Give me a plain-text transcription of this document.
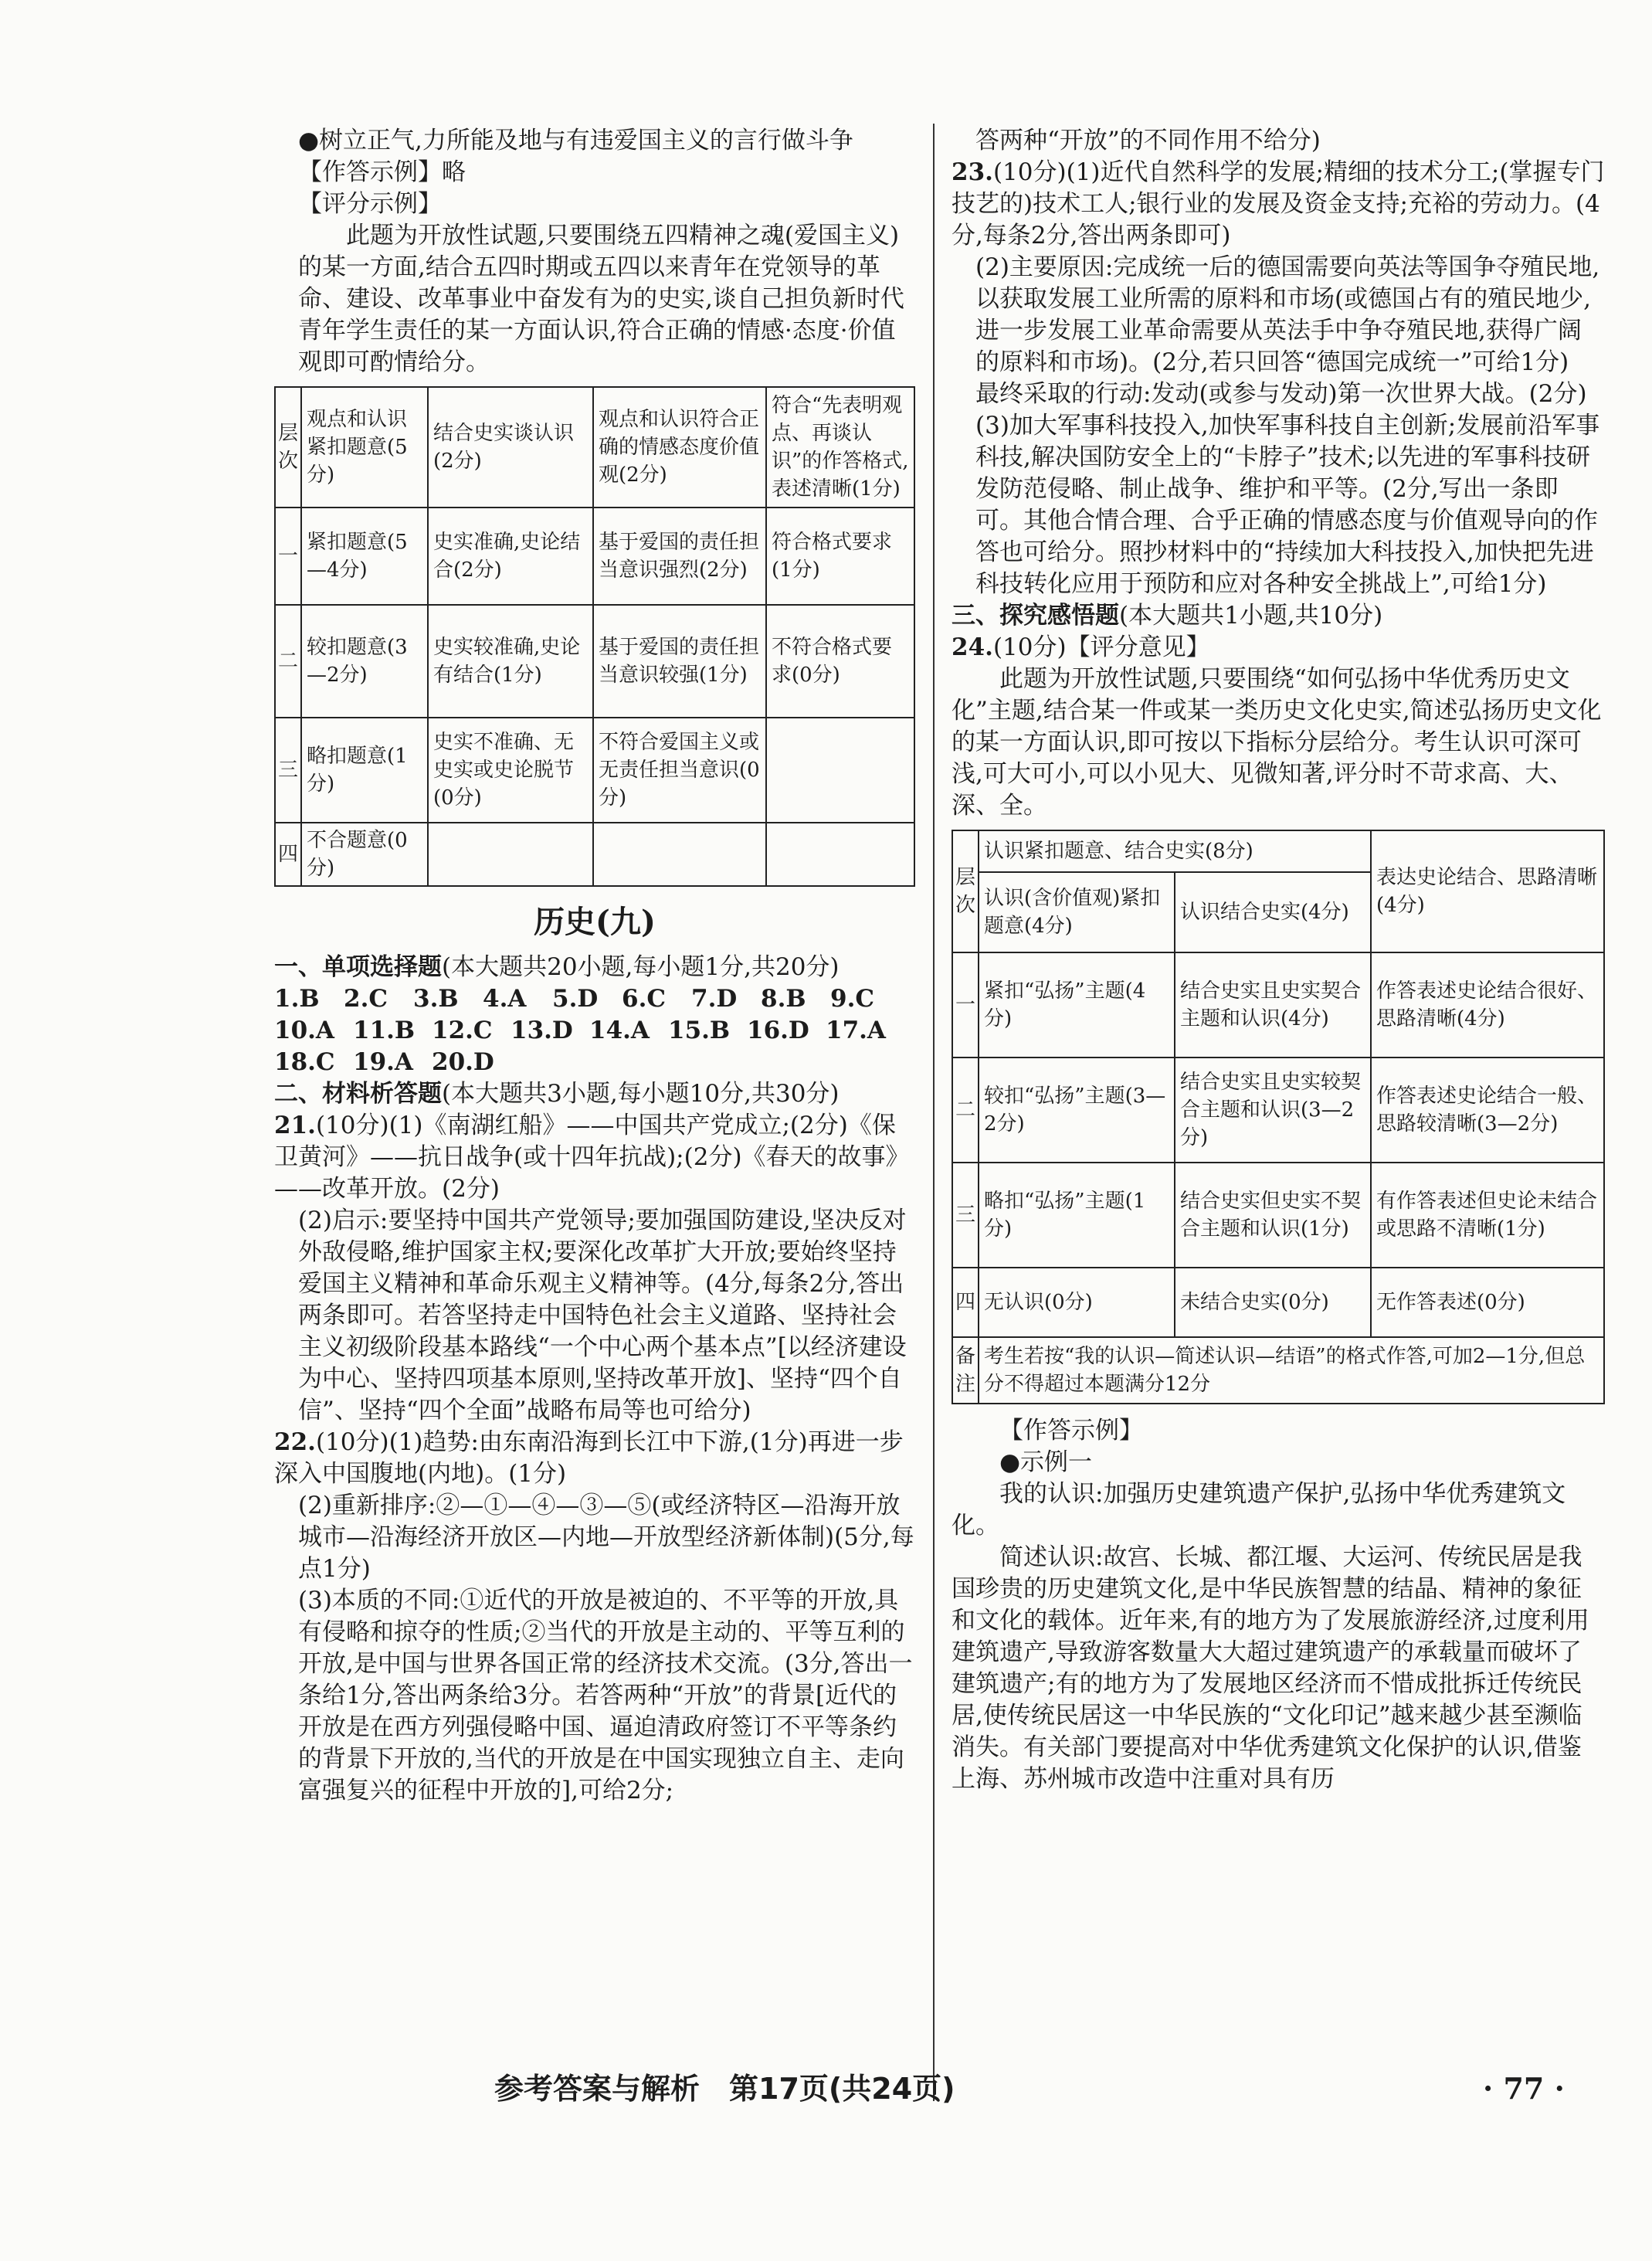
●树立正气,力所能及地与有违爱国主义的言行做斗争

【作答示例】略

【评分示例】

此题为开放性试题,只要围绕五四精神之魂(爱国主义)的某一方面,结合五四时期或五四以来青年在党领导的革命、建设、改革事业中奋发有为的史实,谈自己担负新时代青年学生责任的某一方面认识,符合正确的情感·态度·价值观即可酌情给分。

层次	观点和认识紧扣题意(5分)	结合史实谈认识(2分)	观点和认识符合正确的情感态度价值观(2分)	符合“先表明观点、再谈认识”的作答格式,表述清晰(1分)
一	紧扣题意(5—4分)	史实准确,史论结合(2分)	基于爱国的责任担当意识强烈(2分)	符合格式要求(1分)
二	较扣题意(3—2分)	史实较准确,史论有结合(1分)	基于爱国的责任担当意识较强(1分)	不符合格式要求(0分)
三	略扣题意(1分)	史实不准确、无史实或史论脱节(0分)	不符合爱国主义或无责任担当意识(0分)	
四	不合题意(0分)			
历史(九)

一、单项选择题(本大题共20小题,每小题1分,共20分)

1.B 2.C 3.B 4.A 5.D 6.C 7.D 8.B 9.C

10.A 11.B 12.C 13.D 14.A 15.B 16.D 17.A

18.C 19.A 20.D

二、材料析答题(本大题共3小题,每小题10分,共30分)

21.(10分)(1)《南湖红船》——中国共产党成立;(2分)《保卫黄河》——抗日战争(或十四年抗战);(2分)《春天的故事》——改革开放。(2分)

(2)启示:要坚持中国共产党领导;要加强国防建设,坚决反对外敌侵略,维护国家主权;要深化改革扩大开放;要始终坚持爱国主义精神和革命乐观主义精神等。(4分,每条2分,答出两条即可。若答坚持走中国特色社会主义道路、坚持社会主义初级阶段基本路线“一个中心两个基本点”[以经济建设为中心、坚持四项基本原则,坚持改革开放]、坚持“四个自信”、坚持“四个全面”战略布局等也可给分)

22.(10分)(1)趋势:由东南沿海到长江中下游,(1分)再进一步深入中国腹地(内地)。(1分)

(2)重新排序:②—①—④—③—⑤(或经济特区—沿海开放城市—沿海经济开放区—内地—开放型经济新体制)(5分,每点1分)

(3)本质的不同:①近代的开放是被迫的、不平等的开放,具有侵略和掠夺的性质;②当代的开放是主动的、平等互利的开放,是中国与世界各国正常的经济技术交流。(3分,答出一条给1分,答出两条给3分。若答两种“开放”的背景[近代的开放是在西方列强侵略中国、逼迫清政府签订不平等条约的背景下开放的,当代的开放是在中国实现独立自主、走向富强复兴的征程中开放的],可给2分;

答两种“开放”的不同作用不给分)

23.(10分)(1)近代自然科学的发展;精细的技术分工;(掌握专门技艺的)技术工人;银行业的发展及资金支持;充裕的劳动力。(4分,每条2分,答出两条即可)

(2)主要原因:完成统一后的德国需要向英法等国争夺殖民地,以获取发展工业所需的原料和市场(或德国占有的殖民地少,进一步发展工业革命需要从英法手中争夺殖民地,获得广阔的原料和市场)。(2分,若只回答“德国完成统一”可给1分)

最终采取的行动:发动(或参与发动)第一次世界大战。(2分)

(3)加大军事科技投入,加快军事科技自主创新;发展前沿军事科技,解决国防安全上的“卡脖子”技术;以先进的军事科技研发防范侵略、制止战争、维护和平等。(2分,写出一条即可。其他合情合理、合乎正确的情感态度与价值观导向的作答也可给分。照抄材料中的“持续加大科技投入,加快把先进科技转化应用于预防和应对各种安全挑战上”,可给1分)

三、探究感悟题(本大题共1小题,共10分)

24.(10分)【评分意见】

此题为开放性试题,只要围绕“如何弘扬中华优秀历史文化”主题,结合某一件或某一类历史文化史实,简述弘扬历史文化的某一方面认识,即可按以下指标分层给分。考生认识可深可浅,可大可小,可以小见大、见微知著,评分时不苛求高、大、深、全。

层次	认识紧扣题意、结合史实(8分)		表达史论结合、思路清晰(4分)
	认识(含价值观)紧扣题意(4分)	认识结合史实(4分)	
一	紧扣“弘扬”主题(4分)	结合史实且史实契合主题和认识(4分)	作答表述史论结合很好、思路清晰(4分)
二	较扣“弘扬”主题(3—2分)	结合史实且史实较契合主题和认识(3—2分)	作答表述史论结合一般、思路较清晰(3—2分)
三	略扣“弘扬”主题(1分)	结合史实但史实不契合主题和认识(1分)	有作答表述但史论未结合或思路不清晰(1分)
四	无认识(0分)	未结合史实(0分)	无作答表述(0分)
备注	考生若按“我的认识—简述认识—结语”的格式作答,可加2—1分,但总分不得超过本题满分12分		

【作答示例】

●示例一

我的认识:加强历史建筑遗产保护,弘扬中华优秀建筑文化。

简述认识:故宫、长城、都江堰、大运河、传统民居是我国珍贵的历史建筑文化,是中华民族智慧的结晶、精神的象征和文化的载体。近年来,有的地方为了发展旅游经济,过度利用建筑遗产,导致游客数量大大超过建筑遗产的承载量而破坏了建筑遗产;有的地方为了发展地区经济而不惜成批拆迁传统民居,使传统民居这一中华民族的“文化印记”越来越少甚至濒临消失。有关部门要提高对中华优秀建筑文化保护的认识,借鉴上海、苏州城市改造中注重对具有历

参考答案与解析　第17页(共24页)	· 77 ·
